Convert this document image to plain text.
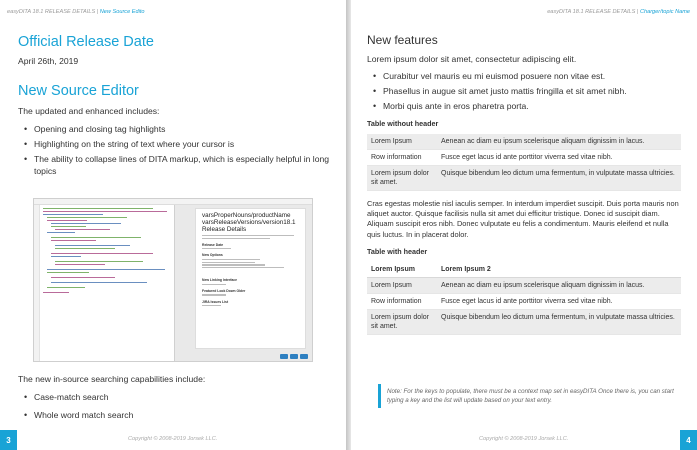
easyDITA 18.1 RELEASE DETAILS | New Source Edito
Official Release Date

April 26th, 2019

New Source Editor

The updated and enhanced includes:

• Opening and closing tag highlights
• Highlighting on the string of text where your cursor is
• The ability to collapse lines of DITA markup, which is especially helpful in long topics
varsProperNouns/productName
varsReleaseVersions/version18.1
Release Details
Release Date
New Options
New Linking Interface
Featured Look Down Older
JIRA Issues List

The new in-source searching capabilities include:

• Case-match search
• Whole word match search
3	Copyright © 2008-2019 Jorsek LLC.
easyDITA 18.1 RELEASE DETAILS | Charger/topic Name
New features

Lorem ipsum dolor sit amet, consectetur adipiscing elit.

• Curabitur vel mauris eu mi euismod posuere non vitae est.
• Phasellus in augue sit amet justo mattis fringilla et sit amet nibh.
• Morbi quis ante in eros pharetra porta.
Table without header
Lorem Ipsum	Aenean ac diam eu ipsum scelerisque aliquam dignissim in lacus.
Row information	Fusce eget lacus id ante porttitor viverra sed vitae nibh.
Lorem ipsum dolor sit amet.	Quisque bibendum leo dictum urna fermentum, in vulputate massa ultricies.

Cras egestas molestie nisl iaculis semper. In interdum imperdiet suscipit. Duis porta mauris non aliquet auctor. Quisque facilisis nulla sit amet dui efficitur tristique. Donec id suscipit diam. Aliquam suscipit eros nibh. Donec vulputate eu felis a condimentum. Mauris eleifend et nulla quis luctus. In in placerat dolor.

Table with header
Lorem Ipsum	Lorem Ipsum 2
Lorem Ipsum	Aenean ac diam eu ipsum scelerisque aliquam dignissim in lacus.
Row information	Fusce eget lacus id ante porttitor viverra sed vitae nibh.
Lorem ipsum dolor sit amet.	Quisque bibendum leo dictum urna fermentum, in vulputate massa ultricies.
Note: For the keys to populate, there must be a context map set in easyDITA Once there is, you can start typing a key and the list will update based on your text entry.
Copyright © 2008-2019 Jorsek LLC.	4
